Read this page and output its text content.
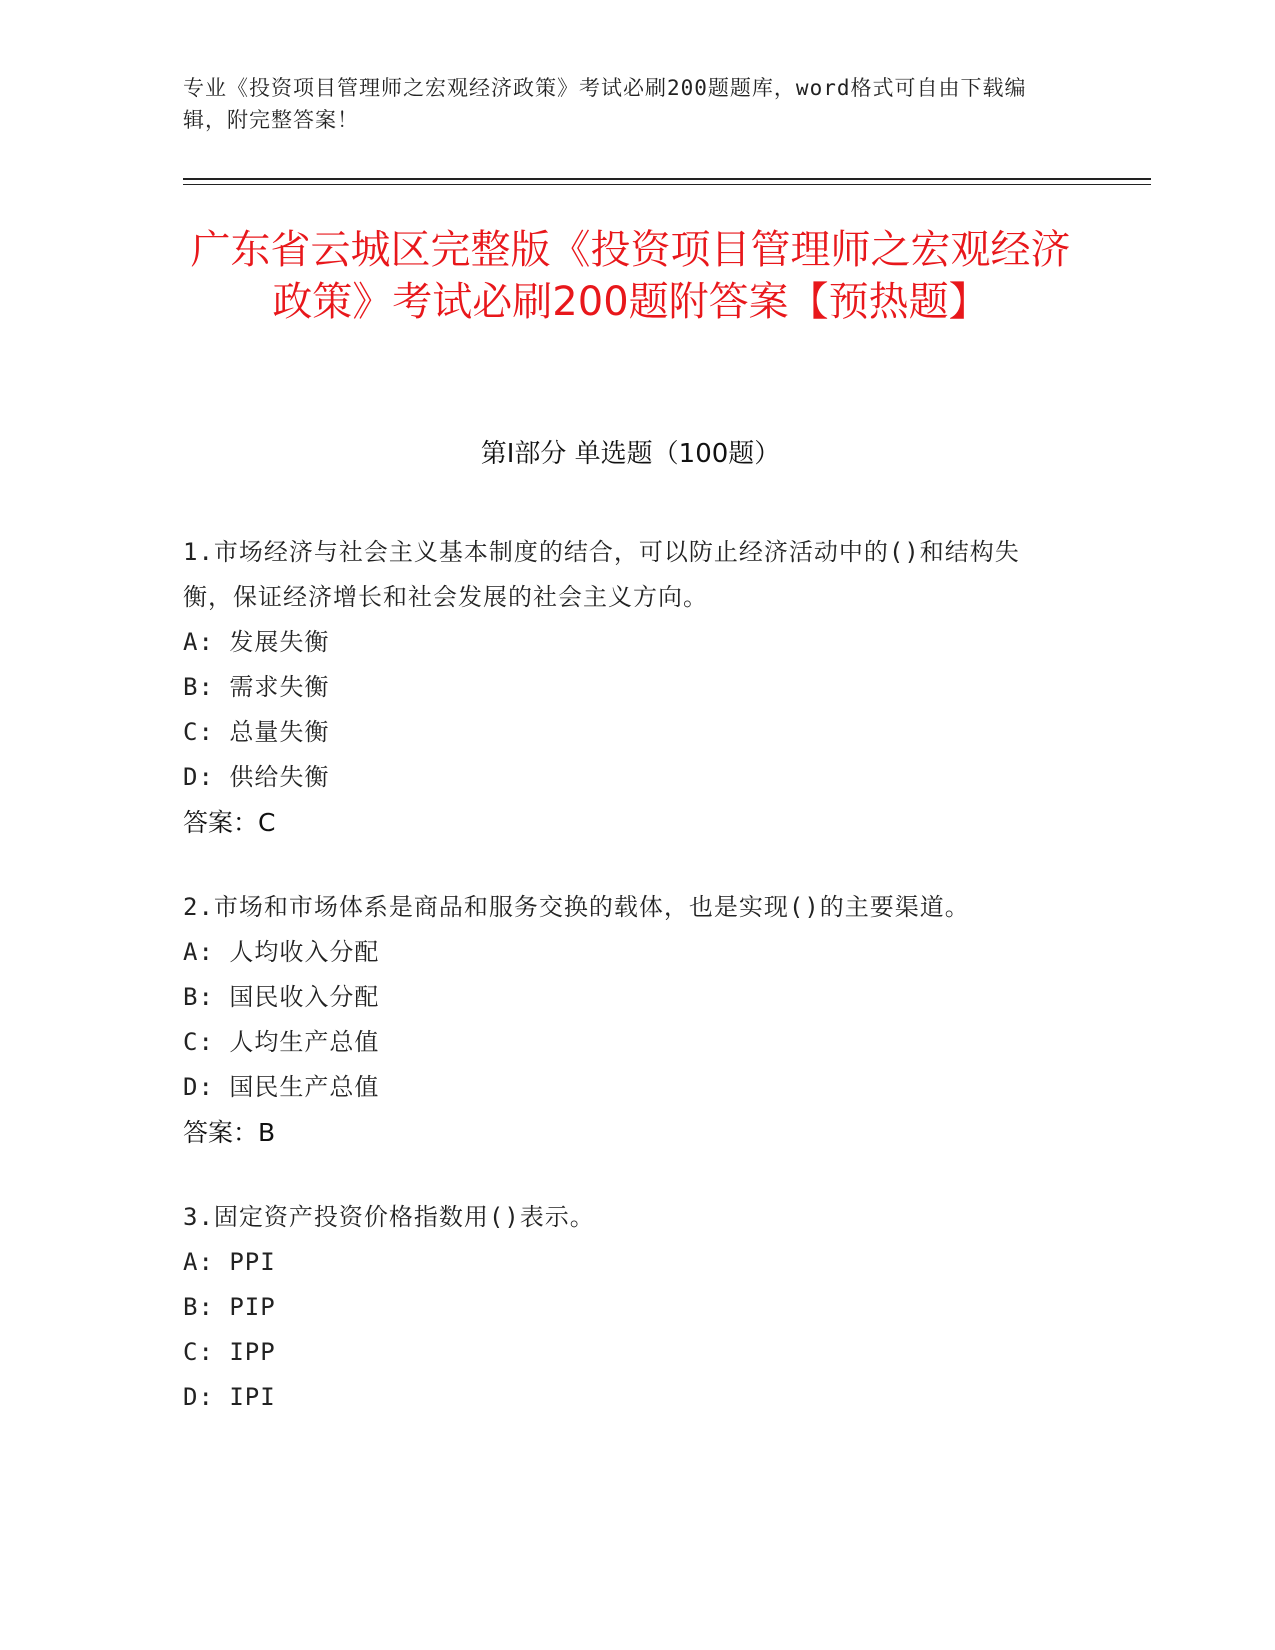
专业《投资项目管理师之宏观经济政策》考试必刷200题题库，word格式可自由下载编辑，附完整答案！
广东省云城区完整版《投资项目管理师之宏观经济政策》考试必刷200题附答案【预热题】
第I部分 单选题（100题）
1.市场经济与社会主义基本制度的结合，可以防止经济活动中的()和结构失衡，保证经济增长和社会发展的社会主义方向。
A: 发展失衡
B: 需求失衡
C: 总量失衡
D: 供给失衡
答案：C
2.市场和市场体系是商品和服务交换的载体，也是实现()的主要渠道。
A: 人均收入分配
B: 国民收入分配
C: 人均生产总值
D: 国民生产总值
答案：B
3.固定资产投资价格指数用()表示。
A: PPI
B: PIP
C: IPP
D: IPI
